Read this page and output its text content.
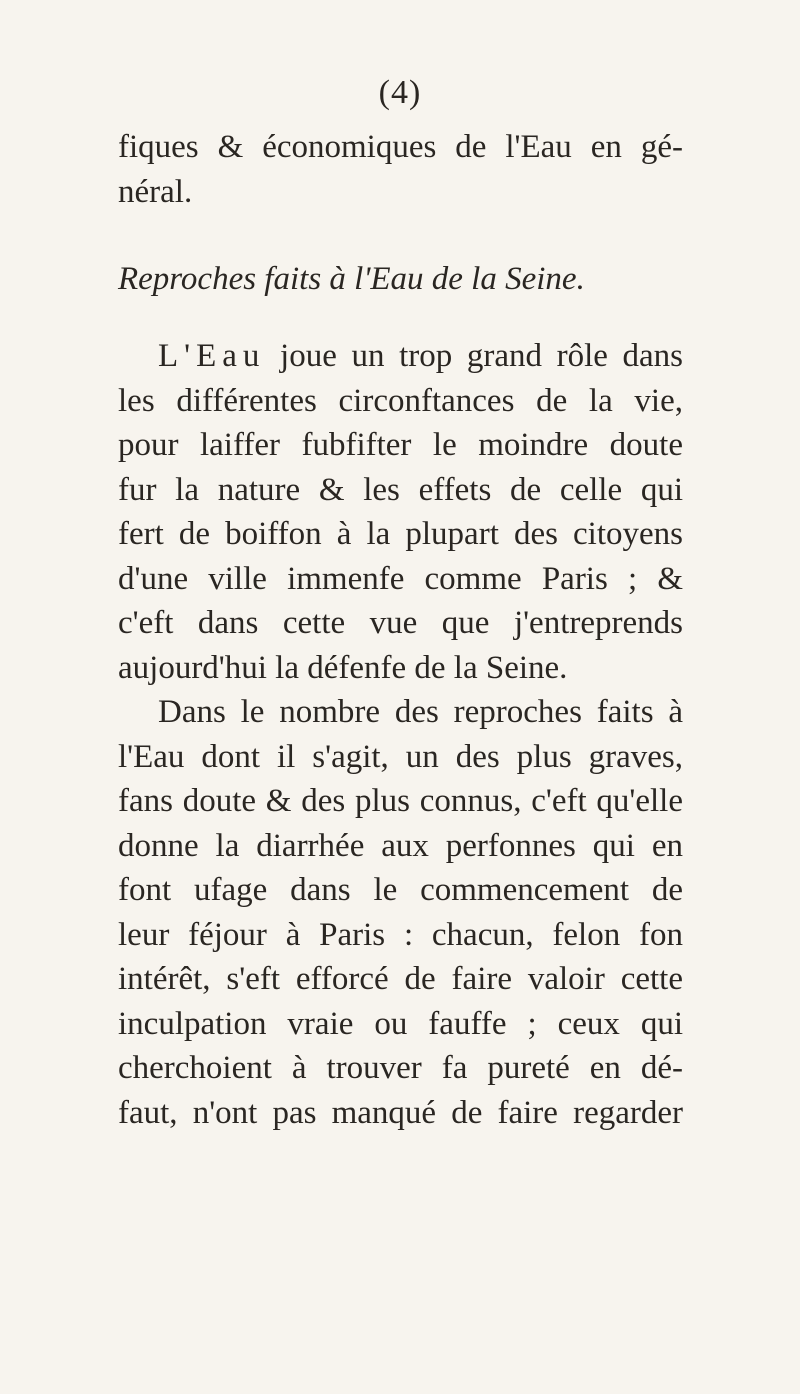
(4)
fiques & économiques de l'Eau en gé-
néral.
Reproches faits à l'Eau de la Seine.
L'Eau joue un trop grand rôle dans
les différentes circonftances de la vie,
pour laiffer fubfifter le moindre doute
fur la nature & les effets de celle qui
fert de boiffon à la plupart des citoyens
d'une ville immenfe comme Paris ; &
c'eft dans cette vue que j'entreprends
aujourd'hui la défenfe de la Seine.
Dans le nombre des reproches faits à
l'Eau dont il s'agit, un des plus graves,
fans doute & des plus connus, c'eft qu'elle
donne la diarrhée aux perfonnes qui en
font ufage dans le commencement de
leur féjour à Paris : chacun, felon fon
intérêt, s'eft efforcé de faire valoir cette
inculpation vraie ou fauffe ; ceux qui
cherchoient à trouver fa pureté en dé-
faut, n'ont pas manqué de faire regarder
